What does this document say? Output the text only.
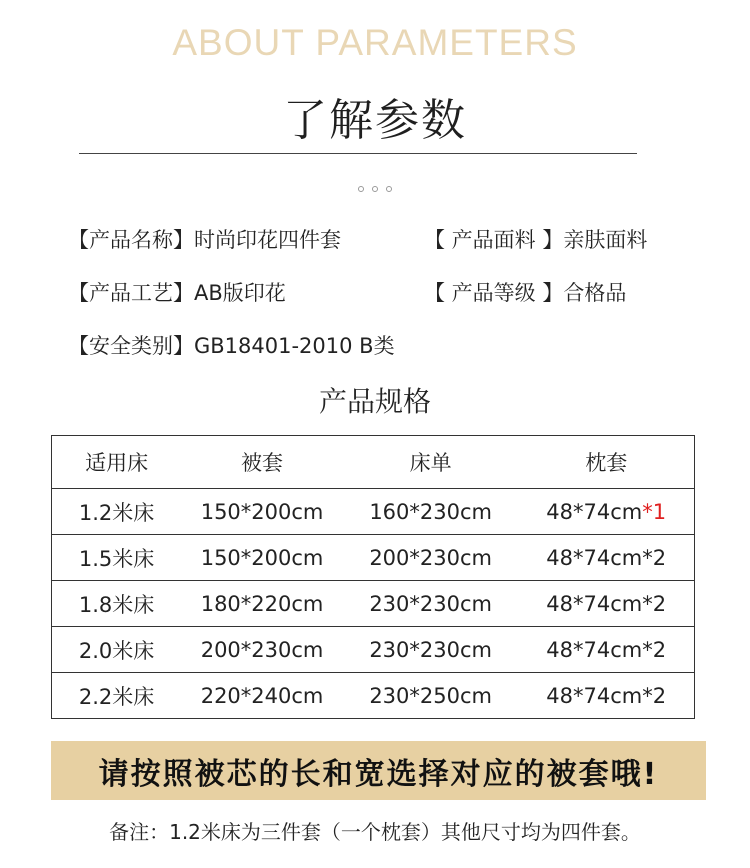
ABOUT PARAMETERS
了解参数
【产品名称】时尚印花四件套	【 产品面料 】亲肤面料
【产品工艺】AB版印花	【 产品等级 】合格品
【安全类别】GB18401-2010 B类
产品规格
适用床	被套	床单	枕套
1.2米床	150*200cm	160*230cm	48*74cm*1
1.5米床	150*200cm	200*230cm	48*74cm*2
1.8米床	180*220cm	230*230cm	48*74cm*2
2.0米床	200*230cm	230*230cm	48*74cm*2
2.2米床	220*240cm	230*250cm	48*74cm*2
请按照被芯的长和宽选择对应的被套哦!
备注：1.2米床为三件套（一个枕套）其他尺寸均为四件套。
